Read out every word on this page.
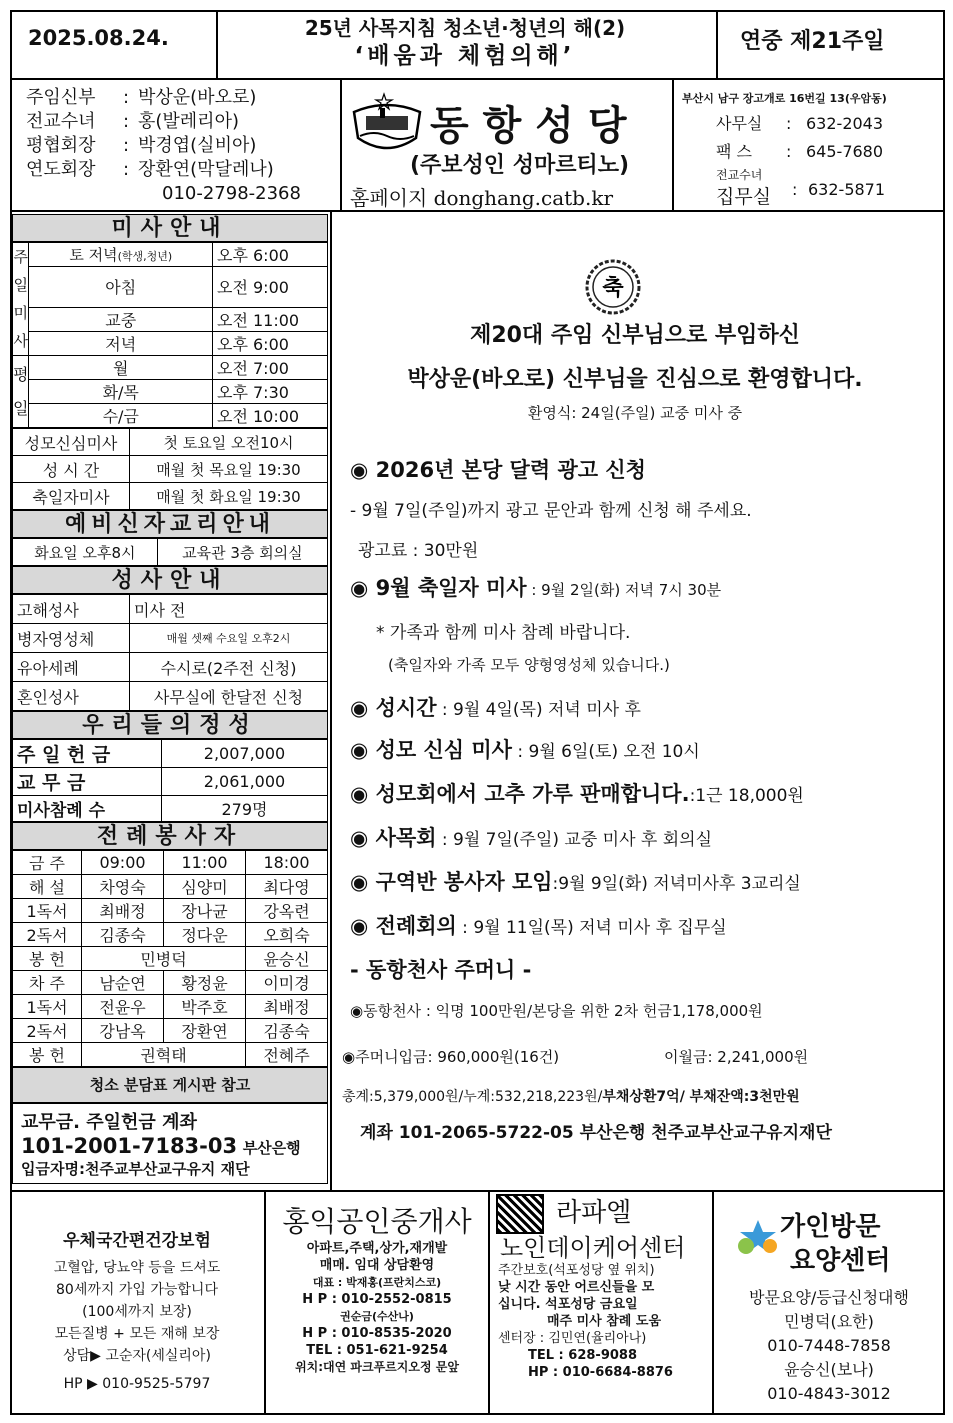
2025.08.24.	25년 사목지침 청소년·청년의 해(2)
‘배움과 체험의해’
연중 제21주일
주임신부 : 박상운(바오로)
전교수녀 : 홍(발레리아)
평협회장 : 박경엽(실비아)
연도회장 : 장환연(막달레나)
010-2798-2368
동항성당
(주보성인 성마르티노)
홈페이지 donghang.catb.kr
부산시 남구 장고개로 16번길 13(우암동)
사무실 : 632-2043
팩 스 : 645-7680
전교수녀
집무실 : 632-5871
미사안내
주
일
미
사	토 저녁(학생,청년)	오후 6:00
	아침	오전 9:00
	교중	오전 11:00
	저녁	오후 6:00

평
일	월	오전 7:00
	화/목	오후 7:30
	수/금	오전 10:00
성모신심미사	첫 토요일 오전10시
성 시 간	매월 첫 목요일 19:30
축일자미사	매월 첫 화요일 19:30
예비신자교리안내
화요일 오후8시	교육관 3층 회의실
성사안내
고해성사	미사 전
병자영성체	매월 셋째 수요일 오후2시
유아세례	수시로(2주전 신청)
혼인성사	사무실에 한달전 신청
우리들의정성
주 일 헌 금	2,007,000
교 무 금	2,061,000
미사참례 수	279명
전례봉사자
금 주	09:00	11:00	18:00
해 설	차영숙	심양미	최다영
1독서	최배정	장나균	강옥련
2독서	김종숙	정다운	오희숙
봉 헌	민병덕		윤승신
차 주	남순연	황정윤	이미경
1독서	전윤우	박주호	최배정
2독서	강남옥	장환연	김종숙
봉 헌	권혁태		전혜주
청소 분담표 게시판 참고
교무금. 주일헌금 계좌
101-2001-7183-03 부산은행
입금자명:천주교부산교구유지 재단
축
제20대 주임 신부님으로 부임하신
박상운(바오로) 신부님을 진심으로 환영합니다.
환영식: 24일(주일) 교중 미사 중
◉ 2026년 본당 달력 광고 신청
- 9월 7일(주일)까지 광고 문안과 함께 신청 해 주세요.
광고료 : 30만원
◉ 9월 축일자 미사 : 9월 2일(화) 저녁 7시 30분
* 가족과 함께 미사 참례 바랍니다.
(축일자와 가족 모두 양형영성체 있습니다.)
◉ 성시간 : 9월 4일(목) 저녁 미사 후
◉ 성모 신심 미사 : 9월 6일(토) 오전 10시
◉ 성모회에서 고추 가루 판매합니다.:1근 18,000원
◉ 사목회 : 9월 7일(주일) 교중 미사 후 회의실
◉ 구역반 봉사자 모임:9월 9일(화) 저녁미사후 3교리실
◉ 전례회의 : 9월 11일(목) 저녁 미사 후 집무실
- 동항천사 주머니 -
◉동항천사 : 익명 100만원/본당을 위한 2차 헌금1,178,000원
◉주머니입금: 960,000원(16건)	이월금: 2,241,000원
총계:5,379,000원/누계:532,218,223원/부채상환7억/ 부채잔액:3천만원
계좌 101-2065-5722-05 부산은행 천주교부산교구유지재단
우체국간편건강보험
고혈압, 당뇨약 등을 드셔도
80세까지 가입 가능합니다
(100세까지 보장)
모든질병 + 모든 재해 보장
상담▶ 고순자(세실리아)
HP ▶ 010-9525-5797
홍익공인중개사
아파트,주택,상가,재개발
매매. 임대 상담환영
대표 : 박재홍(프란치스코)
H P : 010-2552-0815
권순금(수산나)
H P : 010-8535-2020
TEL : 051-621-9254
위치:대연 파크푸르지오정 문앞
라파엘
노인데이케어센터
주간보호(석포성당 옆 위치)
낮 시간 동안 어르신들을 모
십니다. 석포성당 금요일
매주 미사 참례 도움
센터장 : 김민연(율리아나)
TEL : 628-9088
HP : 010-6684-8876
가인방문
요양센터
방문요양/등급신청대행
민병덕(요한)
010-7448-7858
윤승신(보나)
010-4843-3012
